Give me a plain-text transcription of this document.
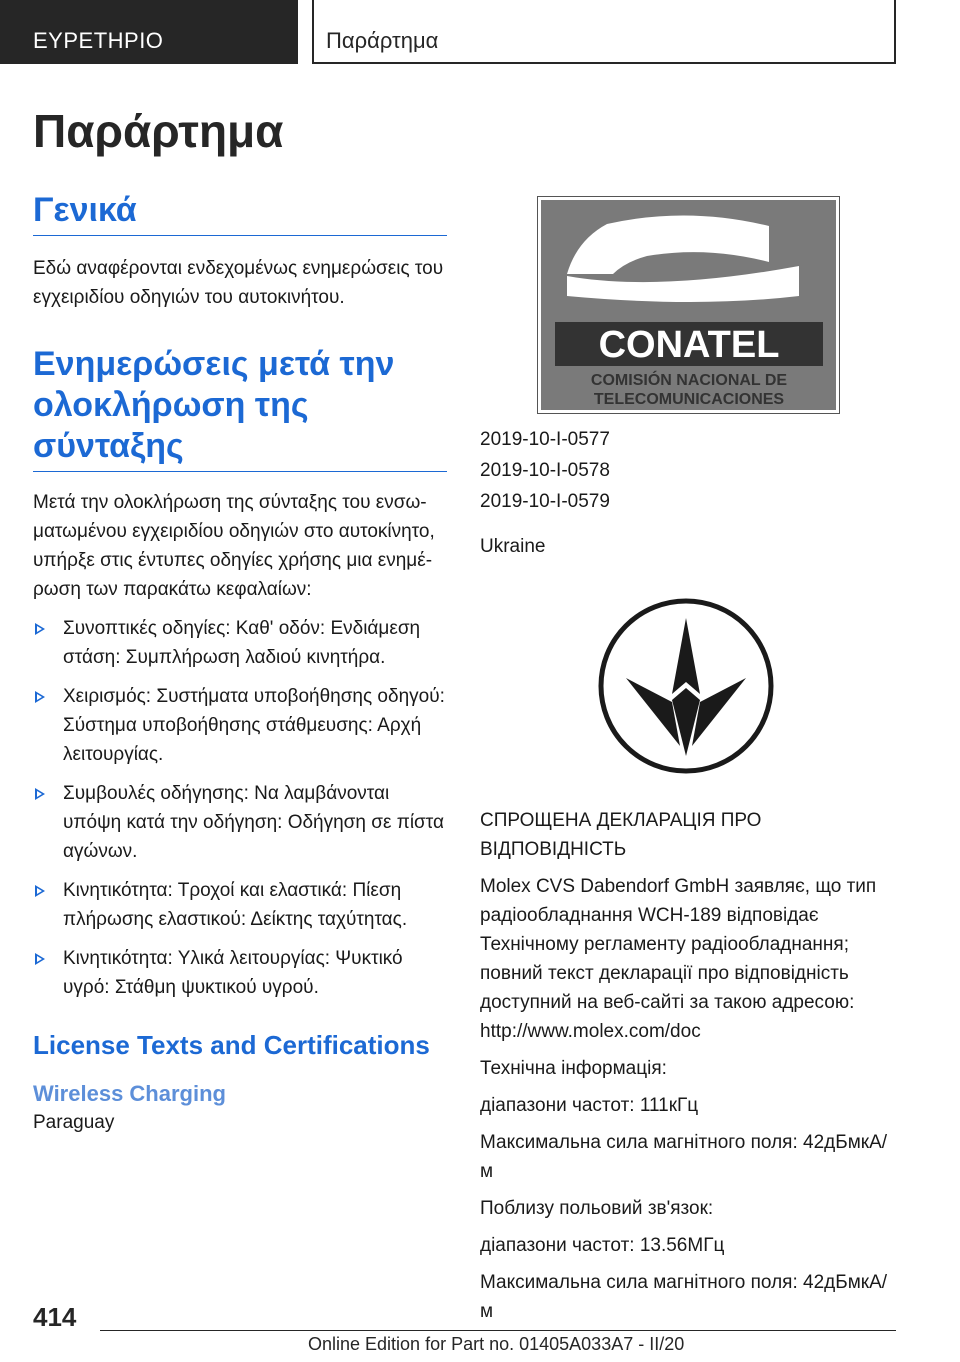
ΕΥΡΕΤΗΡΙΟ	Παράρτημα
Παράρτημα
Γενικά

Εδώ αναφέρονται ενδεχομένως ενημερώσεις του εγχειριδίου οδηγιών του αυτοκινήτου.

Ενημερώσεις μετά την ολοκλήρωση της σύνταξης

Μετά την ολοκλήρωση της σύνταξης του ενσωματωμένου εγχειριδίου οδηγιών στο αυτοκίνητο, υπήρξε στις έντυπες οδηγίες χρήσης μια ενημέρωση των παρακάτω κεφαλαίων:

Συνοπτικές οδηγίες: Καθ' οδόν: Ενδιάμεση στάση: Συμπλήρωση λαδιού κινητήρα.
Χειρισμός: Συστήματα υποβοήθησης οδηγού: Σύστημα υποβοήθησης στάθμευσης: Αρχή λειτουργίας.
Συμβουλές οδήγησης: Να λαμβάνονται υπόψη κατά την οδήγηση: Οδήγηση σε πίστα αγώνων.
Κινητικότητα: Τροχοί και ελαστικά: Πίεση πλήρωσης ελαστικού: Δείκτης ταχύτητας.
Κινητικότητα: Υλικά λειτουργίας: Ψυκτικό υγρό: Στάθμη ψυκτικού υγρού.
License Texts and Certifications
Wireless Charging

Paraguay

CONATEL
COMISIÓN NACIONAL DE
TELECOMUNICACIONES
2019-10-I-0577
2019-10-I-0578
2019-10-I-0579
Ukraine

СПРОЩЕНА ДЕКЛАРАЦІЯ ПРО ВІДПОВІДНІСТЬ

Molex CVS Dabendorf GmbH заявляє, що тип радіообладнання WCH-189 відповідає Технічному регламенту радіообладнання; повний текст декларації про відповідність доступний на веб-сайті за такою адресою: http://www.molex.com/doc

Технічна інформація:

діапазони частот: 111кГц

Максимальна сила магнітного поля: 42дБмкА/м

Поблизу польовий зв'язок:

діапазони частот: 13.56МГц

Максимальна сила магнітного поля: 42дБмкА/м

414
Online Edition for Part no. 01405A033A7 - II/20
